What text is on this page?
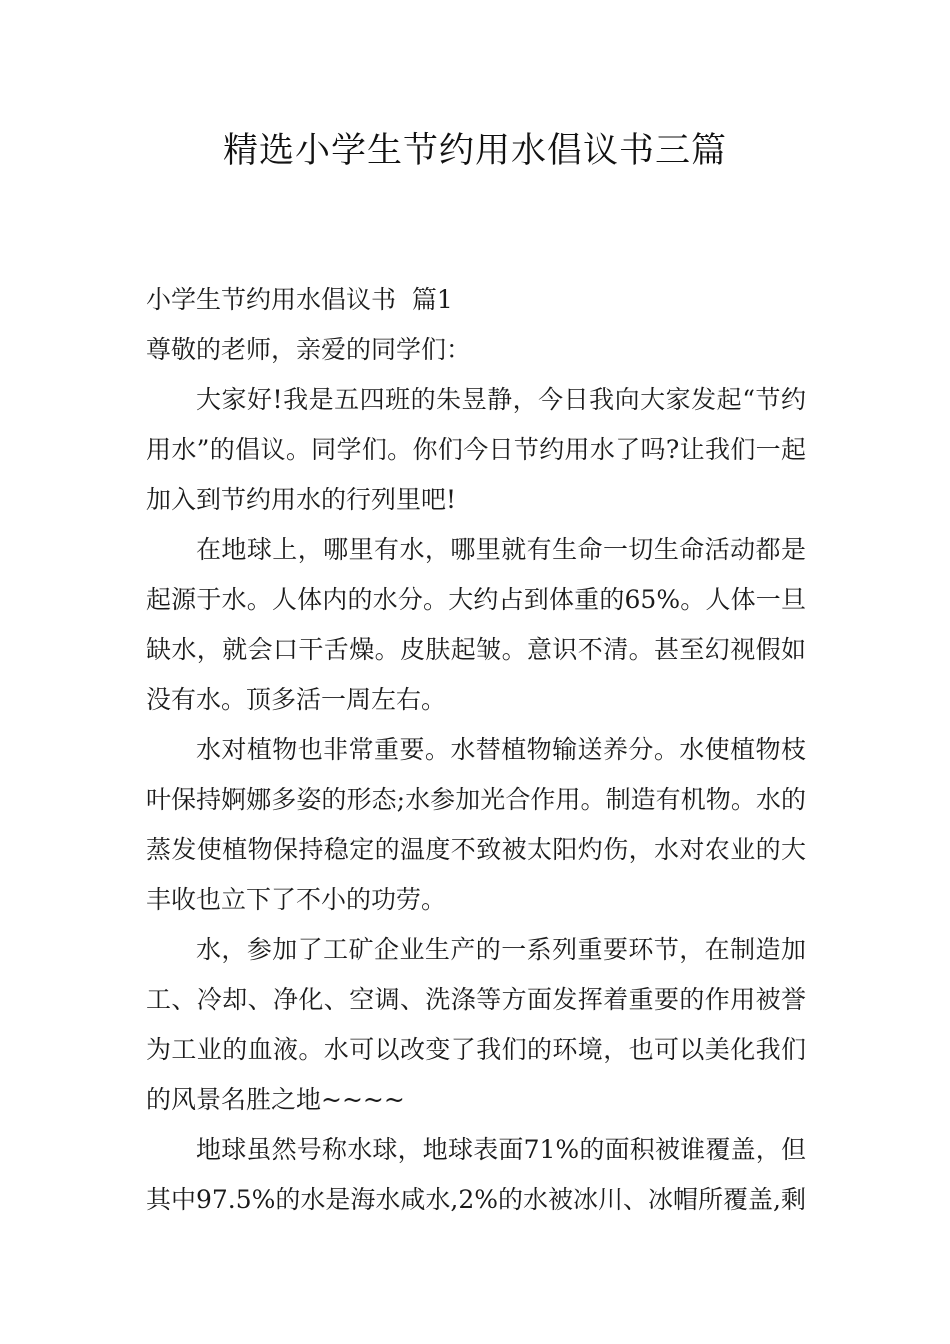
精选小学生节约用水倡议书三篇

小学生节约用水倡议书  篇1

尊敬的老师，亲爱的同学们：

大家好!我是五四班的朱昱静，今日我向大家发起“节约用水”的倡议。同学们。你们今日节约用水了吗?让我们一起加入到节约用水的行列里吧!

在地球上，哪里有水，哪里就有生命一切生命活动都是起源于水。人体内的水分。大约占到体重的65%。人体一旦缺水，就会口干舌燥。皮肤起皱。意识不清。甚至幻视假如没有水。顶多活一周左右。

水对植物也非常重要。水替植物输送养分。水使植物枝叶保持婀娜多姿的形态;水参加光合作用。制造有机物。水的蒸发使植物保持稳定的温度不致被太阳灼伤，水对农业的大丰收也立下了不小的功劳。

水，参加了工矿企业生产的一系列重要环节，在制造加工、冷却、净化、空调、洗涤等方面发挥着重要的作用被誉为工业的血液。水可以改变了我们的环境，也可以美化我们的风景名胜之地~~~~

地球虽然号称水球，地球表面71%的面积被谁覆盖，但其中97.5%的水是海水咸水,2%的水被冰川、冰帽所覆盖,剩
